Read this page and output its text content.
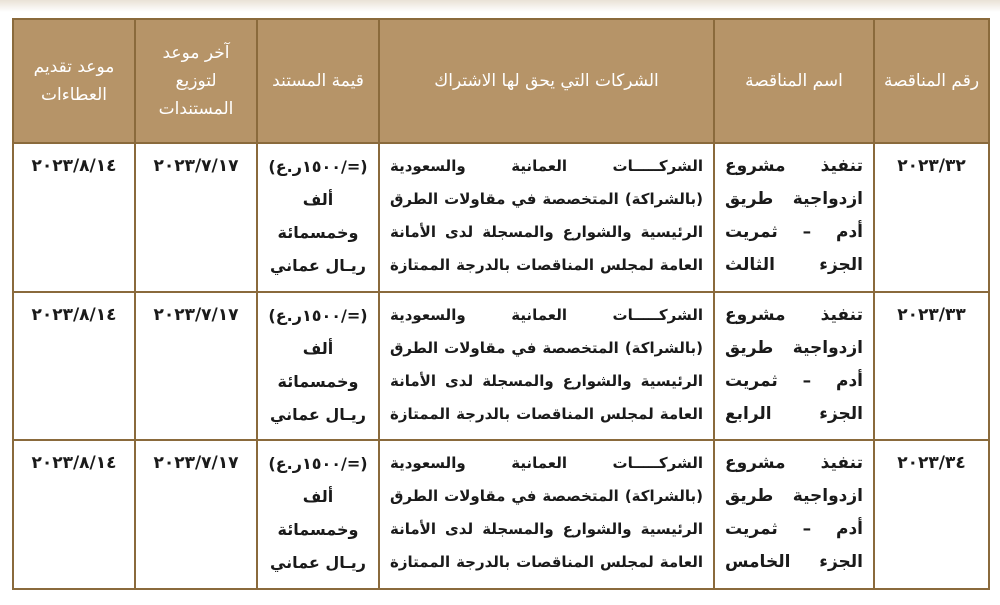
رقم المناقصة	اسم المناقصة	الشركات التي يحق لها الاشتراك	قيمة المستند	آخر موعد لتوزيع المستندات	موعد تقديم العطاءات
٢٠٢٣/٣٢	تنفيذ مشروع
ازدواجية طريق
أدم – ثمريت
الجزء الثالث	الشركـــــات العمانية والسعودية
(بالشراكة) المتخصصة في مقاولات الطرق
الرئيسية والشوارع والمسجلة لدى الأمانة
العامة لمجلس المناقصات بالدرجة الممتازة	(=/١٥٠٠ر.ع)
ألف
وخمسمائة
ريـال عماني	٢٠٢٣/٧/١٧	٢٠٢٣/٨/١٤
٢٠٢٣/٣٣	تنفيذ مشروع
ازدواجية طريق
أدم – ثمريت
الجزء الرابع	الشركـــــات العمانية والسعودية
(بالشراكة) المتخصصة في مقاولات الطرق
الرئيسية والشوارع والمسجلة لدى الأمانة
العامة لمجلس المناقصات بالدرجة الممتازة	(=/١٥٠٠ر.ع)
ألف
وخمسمائة
ريـال عماني	٢٠٢٣/٧/١٧	٢٠٢٣/٨/١٤
٢٠٢٣/٣٤	تنفيذ مشروع
ازدواجية طريق
أدم – ثمريت
الجزء الخامس	الشركـــــات العمانية والسعودية
(بالشراكة) المتخصصة في مقاولات الطرق
الرئيسية والشوارع والمسجلة لدى الأمانة
العامة لمجلس المناقصات بالدرجة الممتازة	(=/١٥٠٠ر.ع)
ألف
وخمسمائة
ريـال عماني	٢٠٢٣/٧/١٧	٢٠٢٣/٨/١٤
